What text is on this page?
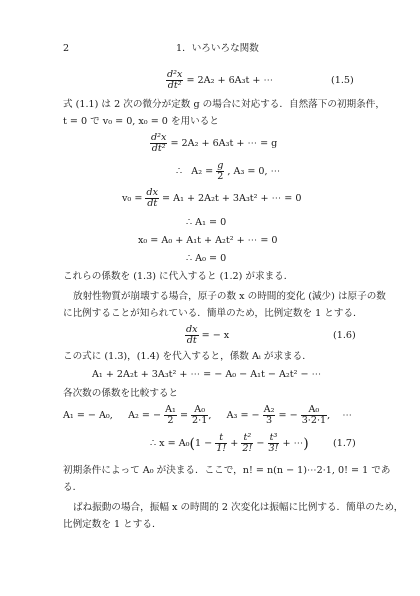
2	1．いろいろな関数
$\frac{\text{d²x}}{\text{dt²}} = 2A_2 + 6A_3t$ + ⋯	(1.5)
式 (1.1) は 2 次の微分が定数 g の場合に対応する．自然落下の初期条件，
t = 0 で v₀ = 0, x₀ = 0 を用いると
$\frac{\text{d²x}}{\text{dt²}} = 2A_2 + 6A_3t$ + ⋯ = g
∴ $A_2 = \frac{g}{2}$ , A₃ = 0, ⋯
$v_0 = \frac{dx}{dt} = A_1 + 2A_2t + 3A_3t^2$ + ⋯ = 0
∴ A₁ = 0
x₀ = A₀ + A₁t + A₂t² + ⋯ = 0
∴ A₀ = 0
これらの係数を (1.3) に代入すると (1.2) が求まる．
放射性物質が崩壊する場合，原子の数 x の時間的変化 (減少) は原子の数
に比例することが知られている．簡単のため，比例定数を 1 とする．
$\frac{dx}{dt}$ = − x	(1.6)
この式に (1.3)，(1.4) を代入すると，係数 Aᵢ が求まる．
A₁ + 2A₂t + 3A₃t² + ⋯ = − A₀ − A₁t − A₂t² − ⋯
各次数の係数を比較すると
A₁ = − A₀, A₂ = − $\frac{\text{A₁}}{2} = \frac{\text{A₀}}{2\cdot 1}$ ,     A₃ = − $\frac{\text{A₂}}{3}$ = − $\frac{\text{A₀}}{3\cdot 2\cdot 1}$ ,    ⋯
∴ $x = A_0(1 - \frac{t}{1!} + \frac{\text{t²}}{2!} - \frac{\text{t³}}{3!}$ + ⋯)	(1.7)
初期条件によって A₀ が決まる．ここで，n! = n(n − 1)⋯2·1, 0! = 1 であ
る．
ばね振動の場合，振幅 x の時間的 2 次変化は振幅に比例する．簡単のため，
比例定数を 1 とする．
